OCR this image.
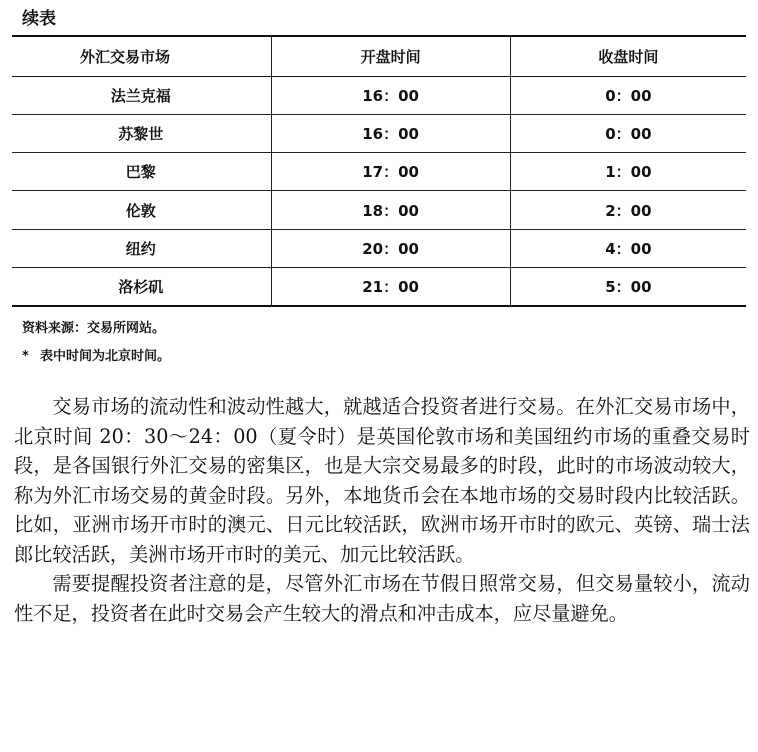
续表
外汇交易市场	开盘时间	收盘时间
法兰克福	16：00	0：00
苏黎世	16：00	0：00
巴黎	17：00	1：00
伦敦	18：00	2：00
纽约	20：00	4：00
洛杉矶	21：00	5：00
资料来源：交易所网站。
* 表中时间为北京时间。

交易市场的流动性和波动性越大，就越适合投资者进行交易。在外汇交易市场中，北京时间 20：30～24：00（夏令时）是英国伦敦市场和美国纽约市场的重叠交易时段，是各国银行外汇交易的密集区，也是大宗交易最多的时段，此时的市场波动较大，称为外汇市场交易的黄金时段。另外，本地货币会在本地市场的交易时段内比较活跃。比如，亚洲市场开市时的澳元、日元比较活跃，欧洲市场开市时的欧元、英镑、瑞士法郎比较活跃，美洲市场开市时的美元、加元比较活跃。

需要提醒投资者注意的是，尽管外汇市场在节假日照常交易，但交易量较小，流动性不足，投资者在此时交易会产生较大的滑点和冲击成本，应尽量避免。
